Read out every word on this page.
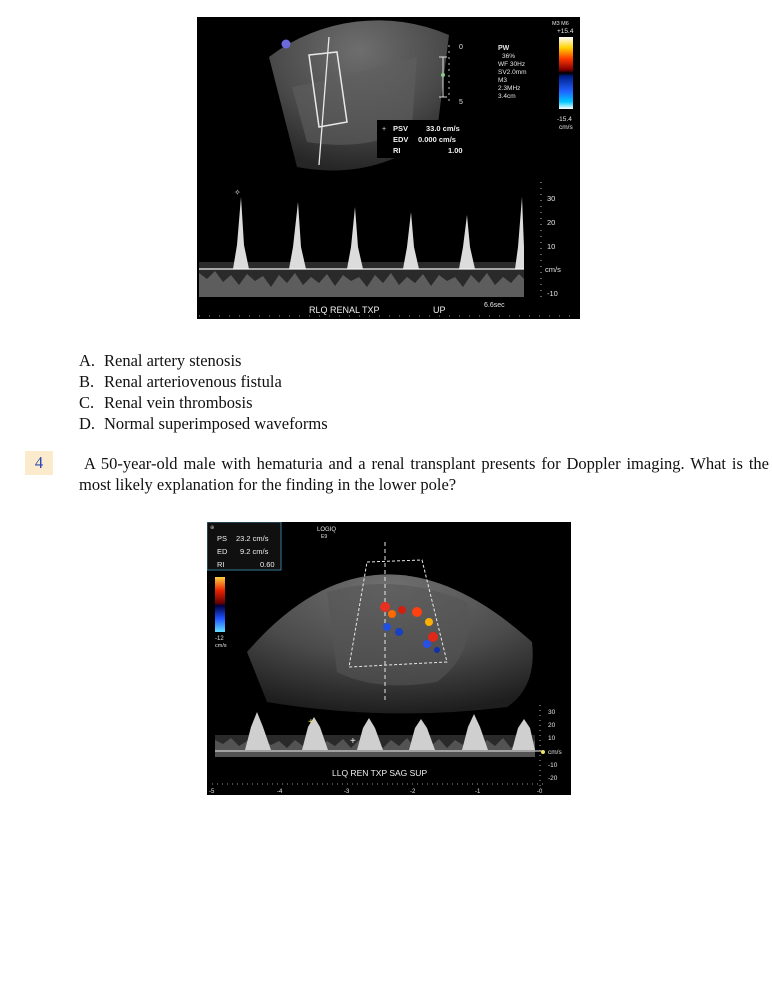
0
5
PW
36%
WF 30Hz
SV2.0mm
M3
2.3MHz
3.4cm
M3 M6
+15.4
-15.4
cm/s
+ PSV 33.0 cm/s
EDV 0.000 cm/s
RI	1.00
✧
30
20
10
cm/s
-10
RLQ RENAL TXP	UP	6.6sec
A. Renal artery stenosis
B. Renal arteriovenous fistula
C. Renal vein thrombosis
D. Normal superimposed waveforms
4	A 50-year-old male with hematuria and a renal transplant presents for Doppler imaging. What is the most likely explanation for the finding in the lower pole?
LOGIQ
E9
⊕
PS 23.2 cm/s
ED 9.2 cm/s
RI	0.60
-12
cm/s
+
+
30
20
10
cm/s
-10
-20
LLQ REN TXP SAG SUP
-5	-4	-3	-2	-1	-0
